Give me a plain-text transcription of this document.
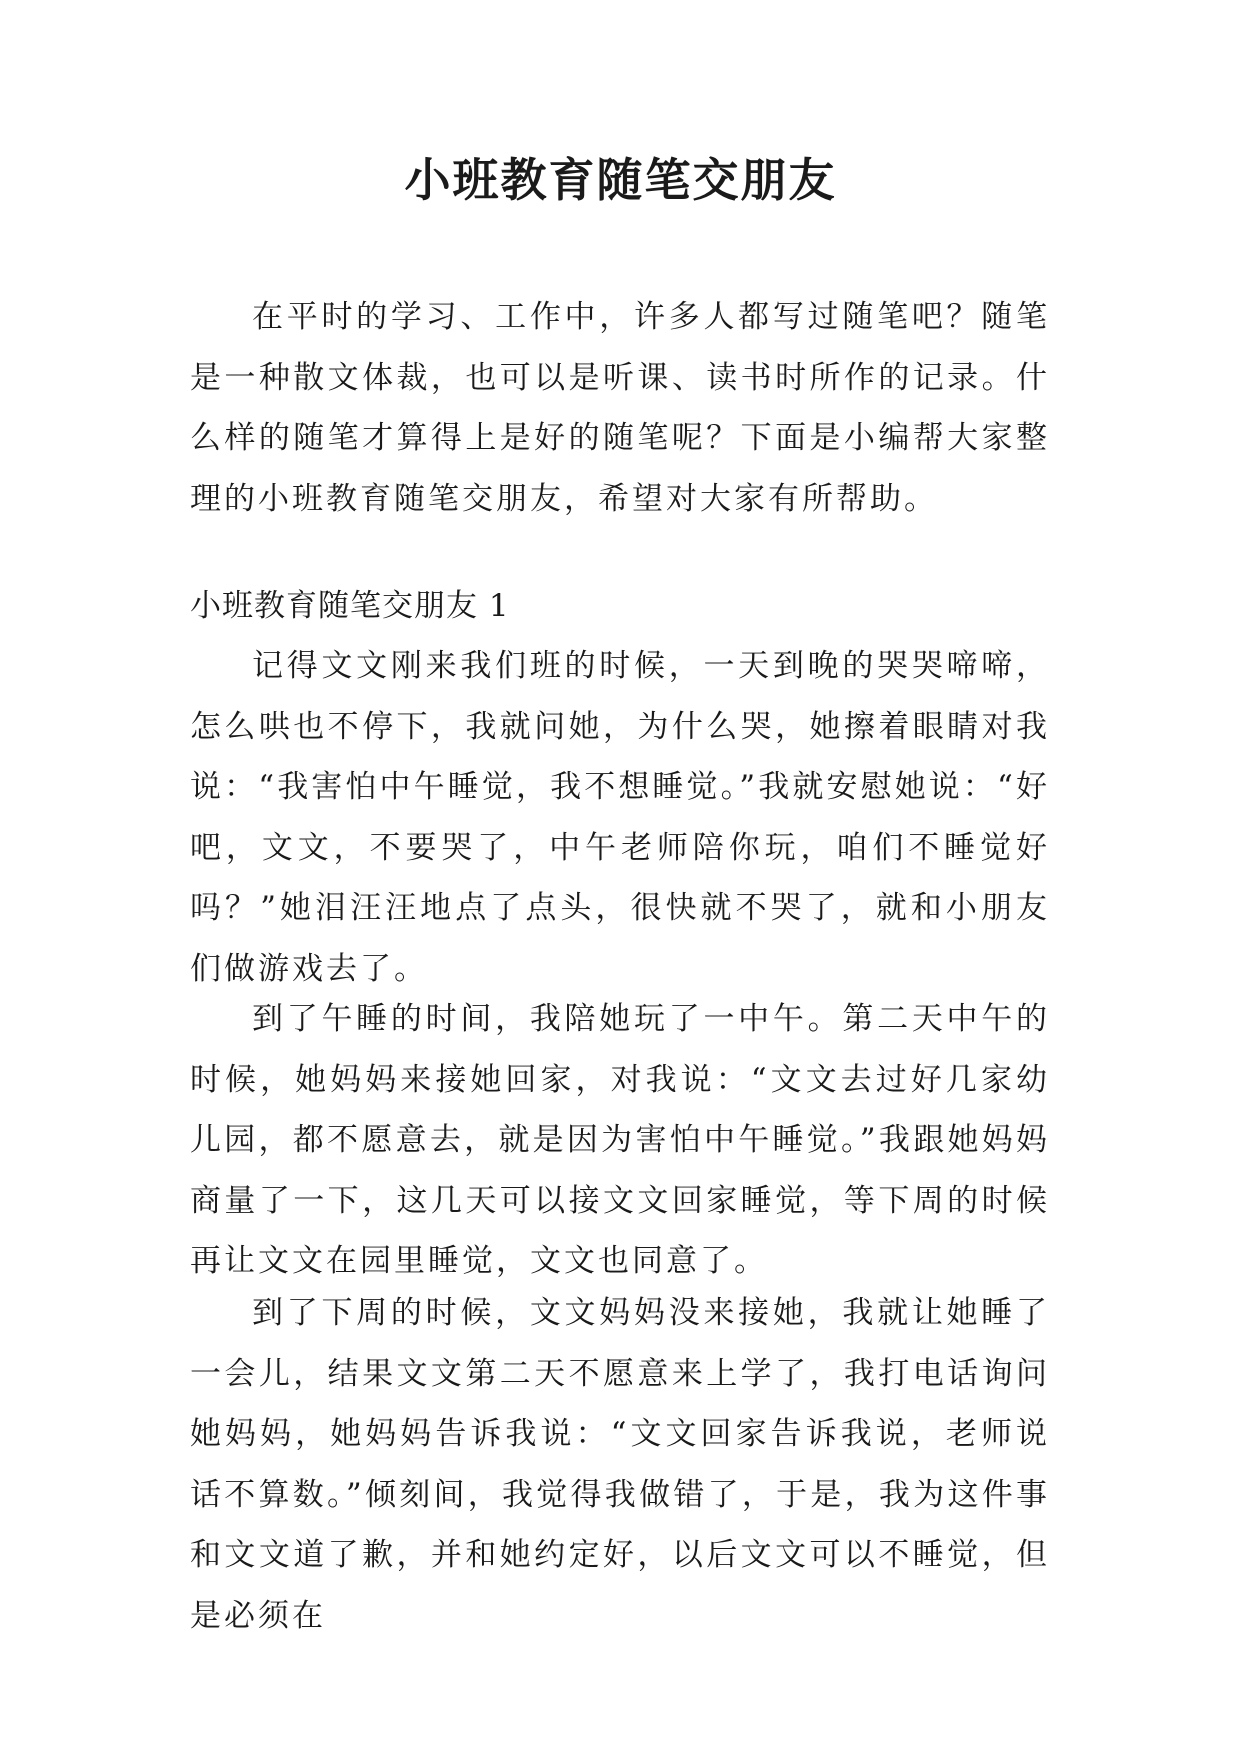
小班教育随笔交朋友

在平时的学习、工作中，许多人都写过随笔吧？随笔是一种散文体裁，也可以是听课、读书时所作的记录。什么样的随笔才算得上是好的随笔呢？下面是小编帮大家整理的小班教育随笔交朋友，希望对大家有所帮助。

小班教育随笔交朋友 1

记得文文刚来我们班的时候，一天到晚的哭哭啼啼，怎么哄也不停下，我就问她，为什么哭，她擦着眼睛对我说：“我害怕中午睡觉，我不想睡觉。”我就安慰她说：“好吧，文文，不要哭了，中午老师陪你玩，咱们不睡觉好吗？”她泪汪汪地点了点头，很快就不哭了，就和小朋友们做游戏去了。

到了午睡的时间，我陪她玩了一中午。第二天中午的时候，她妈妈来接她回家，对我说：“文文去过好几家幼儿园，都不愿意去，就是因为害怕中午睡觉。”我跟她妈妈商量了一下，这几天可以接文文回家睡觉，等下周的时候再让文文在园里睡觉，文文也同意了。

到了下周的时候，文文妈妈没来接她，我就让她睡了一会儿，结果文文第二天不愿意来上学了，我打电话询问她妈妈，她妈妈告诉我说：“文文回家告诉我说，老师说话不算数。”倾刻间，我觉得我做错了，于是，我为这件事和文文道了歉，并和她约定好，以后文文可以不睡觉，但是必须在
